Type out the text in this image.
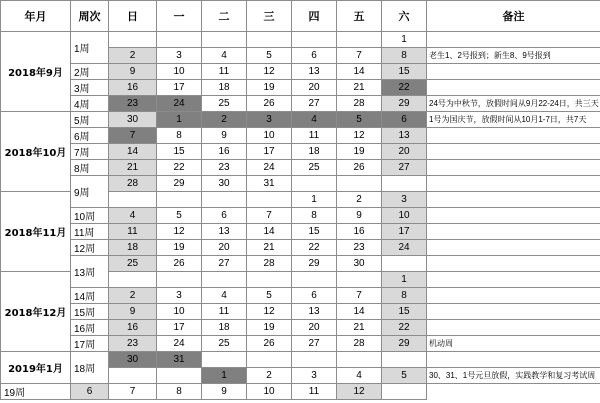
年月	周次	日	一	二	三	四	五	六	备注
2018年9月	1周							1	
		2	3	4	5	6	7	8	老生1、2号报到；新生8、9号报到
	2周	9	10	11	12	13	14	15	
	3周	16	17	18	19	20	21	22	
	4周	23	24	25	26	27	28	29	24号为中秋节，放假时间从9月22-24日，共三天
2018年10月	5周	30	1	2	3	4	5	6	1号为国庆节，放假时间从10月1-7日，共7天
	6周	7	8	9	10	11	12	13	
	7周	14	15	16	17	18	19	20	
	8周	21	22	23	24	25	26	27	
	9周	28	29	30	31				
2018年11月						1	2	3	
	10周	4	5	6	7	8	9	10	
	11周	11	12	13	14	15	16	17	
	12周	18	19	20	21	22	23	24	
	13周	25	26	27	28	29	30		
2018年12月								1	
	14周	2	3	4	5	6	7	8	
	15周	9	10	11	12	13	14	15	
	16周	16	17	18	19	20	21	22	
	17周	23	24	25	26	27	28	29	机动周
2019年1月	18周	30	31						
				1	2	3	4	5	30、31、1号元旦放假，实践教学和复习考试周
19周	6	7	8	9	10	11	12		
